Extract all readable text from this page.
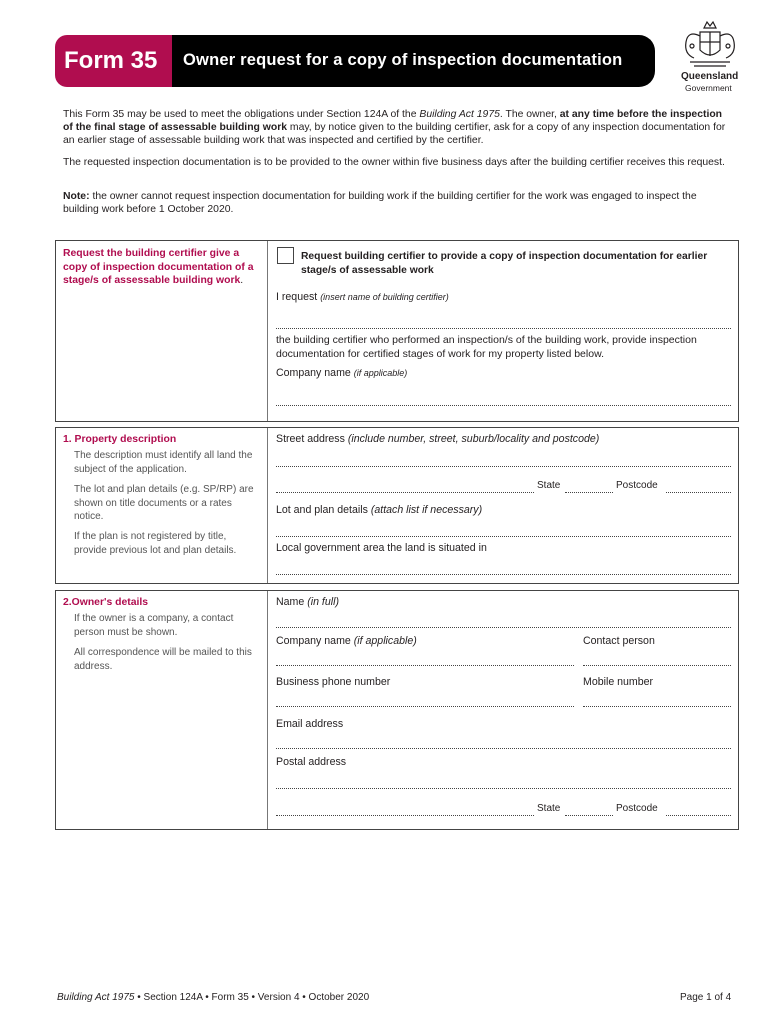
Form 35	Owner request for a copy of inspection documentation
Queensland
Government
This Form 35 may be used to meet the obligations under Section 124A of the Building Act 1975. The owner, at any time before the inspection of the final stage of assessable building work may, by notice given to the building certifier, ask for a copy of any inspection documentation for an earlier stage of assessable building work that was inspected and certified by the certifier.
The requested inspection documentation is to be provided to the owner within five business days after the building certifier receives this request.
Note: the owner cannot request inspection documentation for building work if the building certifier for the work was engaged to inspect the building work before 1 October 2020.
Request the building certifier give a copy of inspection documentation of a stage/s of assessable building work.
Request building certifier to provide a copy of inspection documentation for earlier stage/s of assessable work
I request (insert name of building certifier)
the building certifier who performed an inspection/s of the building work, provide inspection documentation for certified stages of work for my property listed below.
Company name (if applicable)
1. Property description
The description must identify all land the subject of the application.
The lot and plan details (e.g. SP/RP) are shown on title documents or a rates notice.
If the plan is not registered by title, provide previous lot and plan details.
Street address (include number, street, suburb/locality and postcode)
State	Postcode
Lot and plan details (attach list if necessary)
Local government area the land is situated in
2.Owner's details
If the owner is a company, a contact person must be shown.
All correspondence will be mailed to this address.
Name (in full)
Company name (if applicable)	Contact person
Business phone number	Mobile number
Email address
Postal address
State	Postcode
Building Act 1975 • Section 124A • Form 35 • Version 4 • October 2020	Page 1 of 4
